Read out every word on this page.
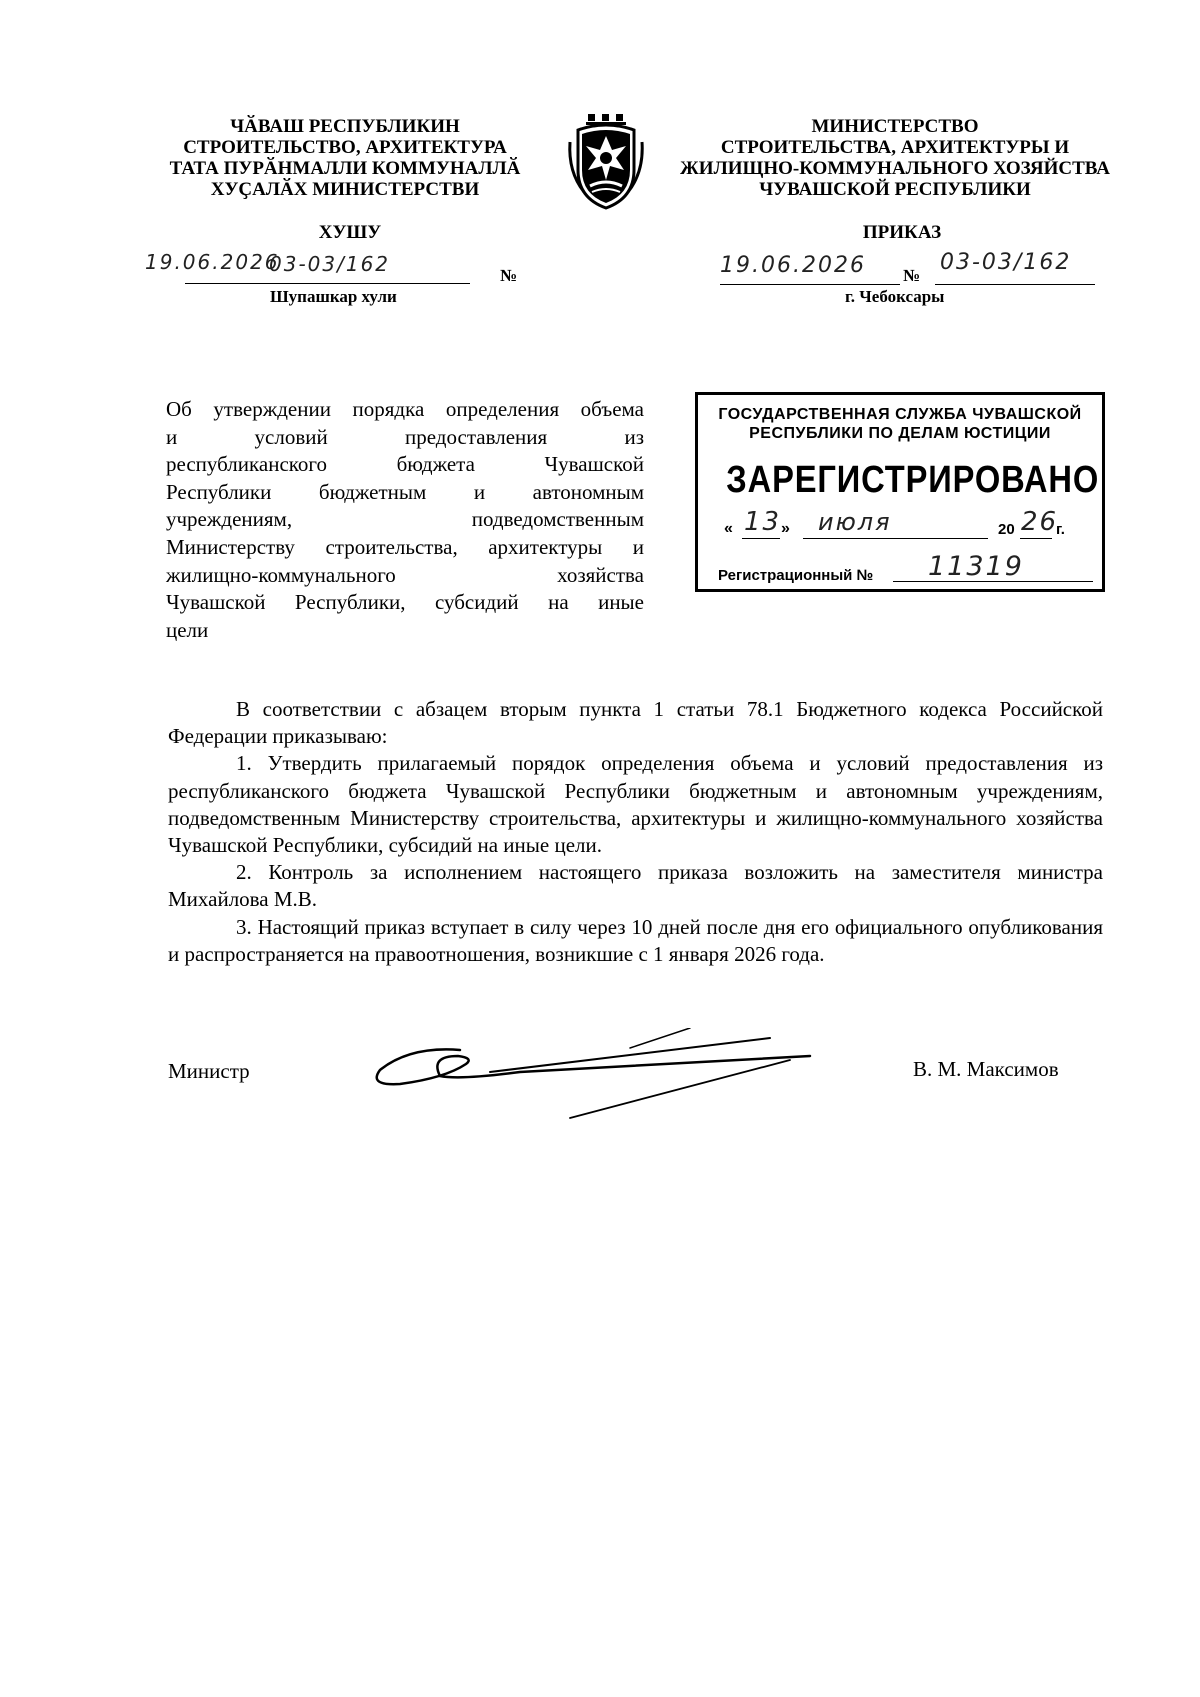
ЧӐВАШ РЕСПУБЛИКИН
СТРОИТЕЛЬСТВО, АРХИТЕКТУРА
ТАТА ПУРӐНМАЛЛИ КОММУНАЛЛӐ
ХУҪАЛӐХ МИНИСТЕРСТВИ
МИНИСТЕРСТВО
СТРОИТЕЛЬСТВА, АРХИТЕКТУРЫ И
ЖИЛИЩНО-КОММУНАЛЬНОГО ХОЗЯЙСТВА
ЧУВАШСКОЙ РЕСПУБЛИКИ
ХУШУ
19.06.2026
03-03/162	№
Шупашкар хули
ПРИКАЗ
19.06.2026 №
03-03/162
г. Чебоксары
Об утверждении порядка определения объема
и условий предоставления из
республиканского бюджета Чувашской
Республики бюджетным и автономным
учреждениям, подведомственным
Министерству строительства, архитектуры и
жилищно-коммунального хозяйства
Чувашской Республики, субсидий на иные
цели
ГОСУДАРСТВЕННАЯ СЛУЖБА ЧУВАШСКОЙ
РЕСПУБЛИКИ ПО ДЕЛАМ ЮСТИЦИИ
ЗАРЕГИСТРИРОВАНО
« 13 » июля	20 26
г.
Регистрационный № 11319

В соответствии с абзацем вторым пункта 1 статьи 78.1 Бюджетного кодекса Российской Федерации приказываю:

1. Утвердить прилагаемый порядок определения объема и условий предоставления из республиканского бюджета Чувашской Республики бюджетным и автономным учреждениям, подведомственным Министерству строительства, архитектуры и жилищно-коммунального хозяйства Чувашской Республики, субсидий на иные цели.

2. Контроль за исполнением настоящего приказа возложить на заместителя министра Михайлова М.В.

3. Настоящий приказ вступает в силу через 10 дней после дня его официального опубликования и распространяется на правоотношения, возникшие с 1 января 2026 года.

Министр	В. М. Максимов
